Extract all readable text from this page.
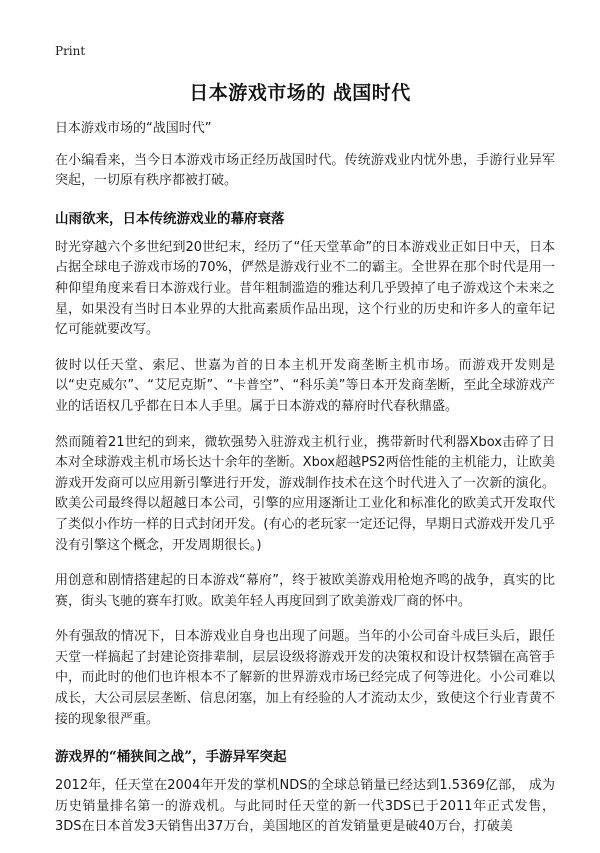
Print
日本游戏市场的 战国时代

日本游戏市场的“战国时代”

在小编看来，当今日本游戏市场正经历战国时代。传统游戏业内忧外患，手游行业异军突起，一切原有秩序都被打破。

山雨欲来，日本传统游戏业的幕府衰落

时光穿越六个多世纪到20世纪末，经历了“任天堂革命”的日本游戏业正如日中天，日本占据全球电子游戏市场的70%，俨然是游戏行业不二的霸主。全世界在那个时代是用一种仰望角度来看日本游戏行业。昔年粗制滥造的雅达利几乎毁掉了电子游戏这个未来之星，如果没有当时日本业界的大批高素质作品出现，这个行业的历史和许多人的童年记忆可能就要改写。

彼时以任天堂、索尼、世嘉为首的日本主机开发商垄断主机市场。而游戏开发则是以“史克威尔”、“艾尼克斯”、“卡普空”、“科乐美”等日本开发商垄断，至此全球游戏产业的话语权几乎都在日本人手里。属于日本游戏的幕府时代春秋鼎盛。

然而随着21世纪的到来，微软强势入驻游戏主机行业，携带新时代利器Xbox击碎了日本对全球游戏主机市场长达十余年的垄断。Xbox超越PS2两倍性能的主机能力，让欧美游戏开发商可以应用新引擎进行开发，游戏制作技术在这个时代进入了一次新的演化。欧美公司最终得以超越日本公司，引擎的应用逐渐让工业化和标准化的欧美式开发取代了类似小作坊一样的日式封闭开发。(有心的老玩家一定还记得，早期日式游戏开发几乎没有引擎这个概念，开发周期很长。)

用创意和剧情搭建起的日本游戏“幕府”，终于被欧美游戏用枪炮齐鸣的战争，真实的比赛，街头飞驰的赛车打败。欧美年轻人再度回到了欧美游戏厂商的怀中。

外有强敌的情况下，日本游戏业自身也出现了问题。当年的小公司奋斗成巨头后，跟任天堂一样搞起了封建论资排辈制，层层设级将游戏开发的决策权和设计权禁锢在高管手中，而此时的他们也许根本不了解新的世界游戏市场已经完成了何等进化。小公司难以成长，大公司层层垄断、信息闭塞，加上有经验的人才流动太少，致使这个行业青黄不接的现象很严重。

游戏界的“桶狭间之战”，手游异军突起

2012年，任天堂在2004年开发的掌机NDS的全球总销量已经达到1.5369亿部， 成为历史销量排名第一的游戏机。与此同时任天堂的新一代3DS已于2011年正式发售，3DS在日本首发3天销售出37万台，美国地区的首发销量更是破40万台，打破美
